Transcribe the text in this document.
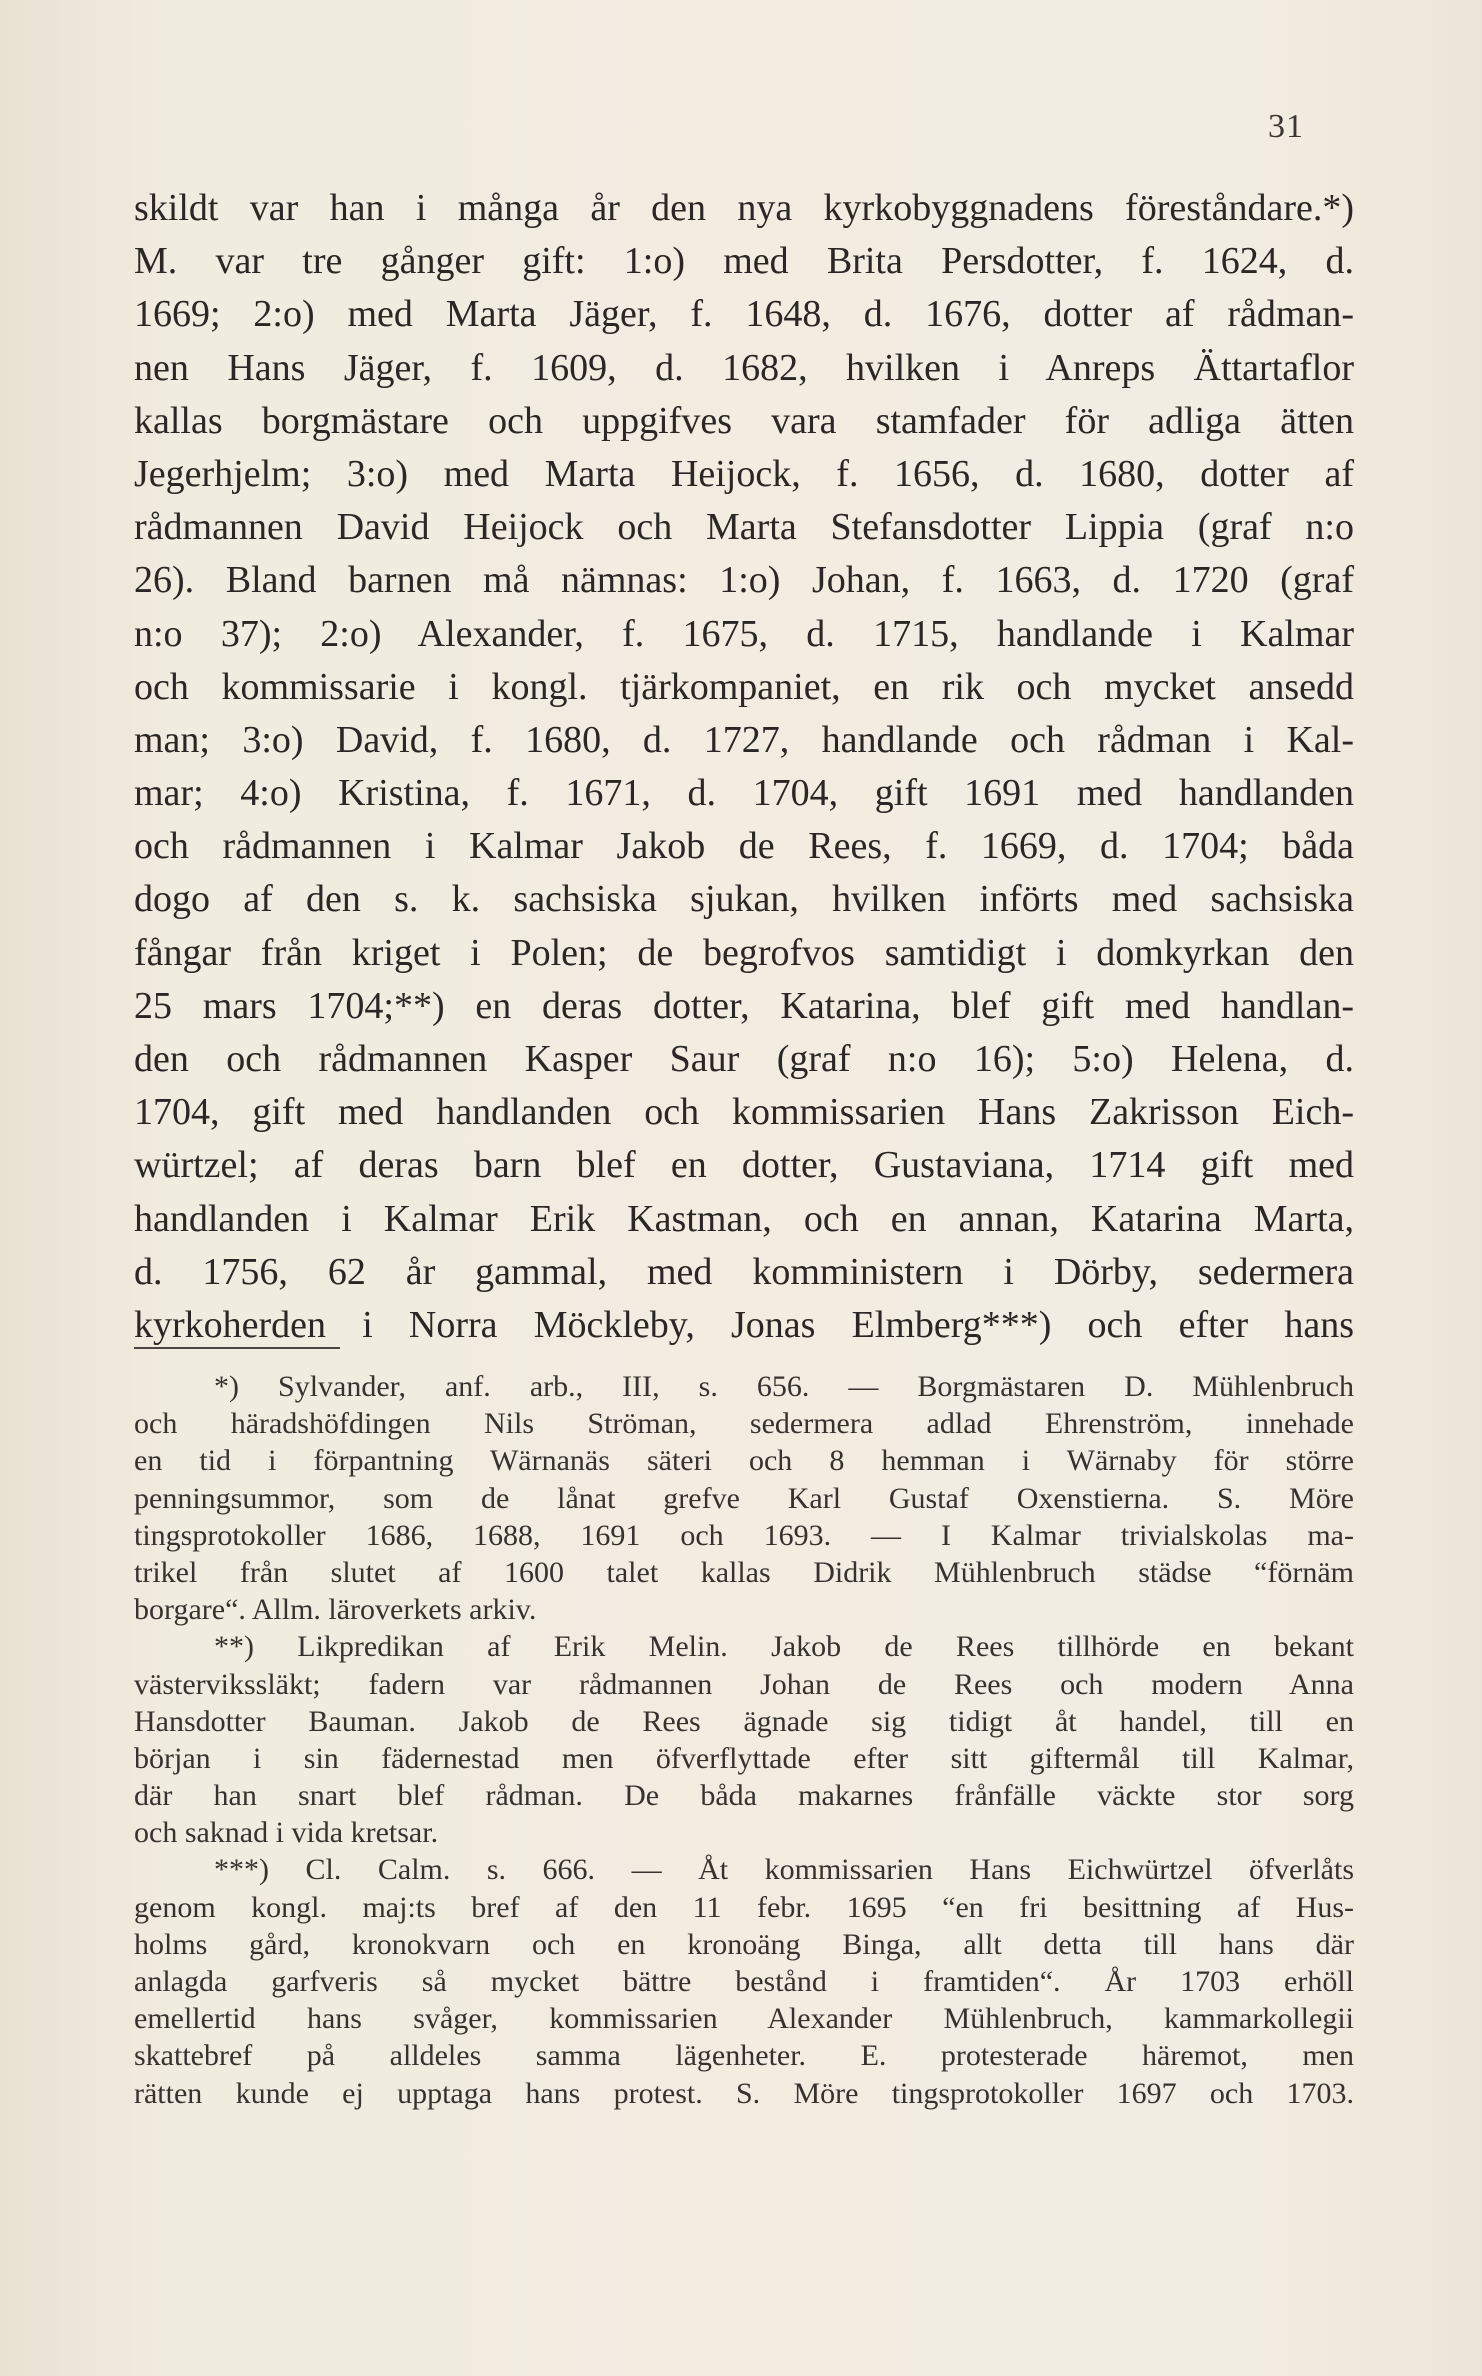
31
skildt var han i många år den nya kyrkobyggnadens föreståndare.*)
M. var tre gånger gift: 1:o) med Brita Persdotter, f. 1624, d.
1669; 2:o) med Marta Jäger, f. 1648, d. 1676, dotter af rådman-
nen Hans Jäger, f. 1609, d. 1682, hvilken i Anreps Ättartaflor
kallas borgmästare och uppgifves vara stamfader för adliga ätten
Jegerhjelm; 3:o) med Marta Heijock, f. 1656, d. 1680, dotter af
rådmannen David Heijock och Marta Stefansdotter Lippia (graf n:o
26). Bland barnen må nämnas: 1:o) Johan, f. 1663, d. 1720 (graf
n:o 37); 2:o) Alexander, f. 1675, d. 1715, handlande i Kalmar
och kommissarie i kongl. tjärkompaniet, en rik och mycket ansedd
man; 3:o) David, f. 1680, d. 1727, handlande och rådman i Kal-
mar; 4:o) Kristina, f. 1671, d. 1704, gift 1691 med handlanden
och rådmannen i Kalmar Jakob de Rees, f. 1669, d. 1704; båda
dogo af den s. k. sachsiska sjukan, hvilken införts med sachsiska
fångar från kriget i Polen; de begrofvos samtidigt i domkyrkan den
25 mars 1704;**) en deras dotter, Katarina, blef gift med handlan-
den och rådmannen Kasper Saur (graf n:o 16); 5:o) Helena, d.
1704, gift med handlanden och kommissarien Hans Zakrisson Eich-
würtzel; af deras barn blef en dotter, Gustaviana, 1714 gift med
handlanden i Kalmar Erik Kastman, och en annan, Katarina Marta,
d. 1756, 62 år gammal, med komministern i Dörby, sedermera
kyrkoherden i Norra Möckleby, Jonas Elmberg***) och efter hans
*) Sylvander, anf. arb., III, s. 656. — Borgmästaren D. Mühlenbruch
och häradshöfdingen Nils Ströman, sedermera adlad Ehrenström, innehade
en tid i förpantning Wärnanäs säteri och 8 hemman i Wärnaby för större
penningsummor, som de lånat grefve Karl Gustaf Oxenstierna. S. Möre
tingsprotokoller 1686, 1688, 1691 och 1693. — I Kalmar trivialskolas ma-
trikel från slutet af 1600 talet kallas Didrik Mühlenbruch städse “förnäm
borgare“. Allm. läroverkets arkiv.
**) Likpredikan af Erik Melin. Jakob de Rees tillhörde en bekant
västervikssläkt; fadern var rådmannen Johan de Rees och modern Anna
Hansdotter Bauman. Jakob de Rees ägnade sig tidigt åt handel, till en
början i sin fädernestad men öfverflyttade efter sitt giftermål till Kalmar,
där han snart blef rådman. De båda makarnes frånfälle väckte stor sorg
och saknad i vida kretsar.
***) Cl. Calm. s. 666. — Åt kommissarien Hans Eichwürtzel öfverlåts
genom kongl. maj:ts bref af den 11 febr. 1695 “en fri besittning af Hus-
holms gård, kronokvarn och en kronoäng Binga, allt detta till hans där
anlagda garfveris så mycket bättre bestånd i framtiden“. År 1703 erhöll
emellertid hans svåger, kommissarien Alexander Mühlenbruch, kammarkollegii
skattebref på alldeles samma lägenheter. E. protesterade häremot, men
rätten kunde ej upptaga hans protest. S. Möre tingsprotokoller 1697 och 1703.
